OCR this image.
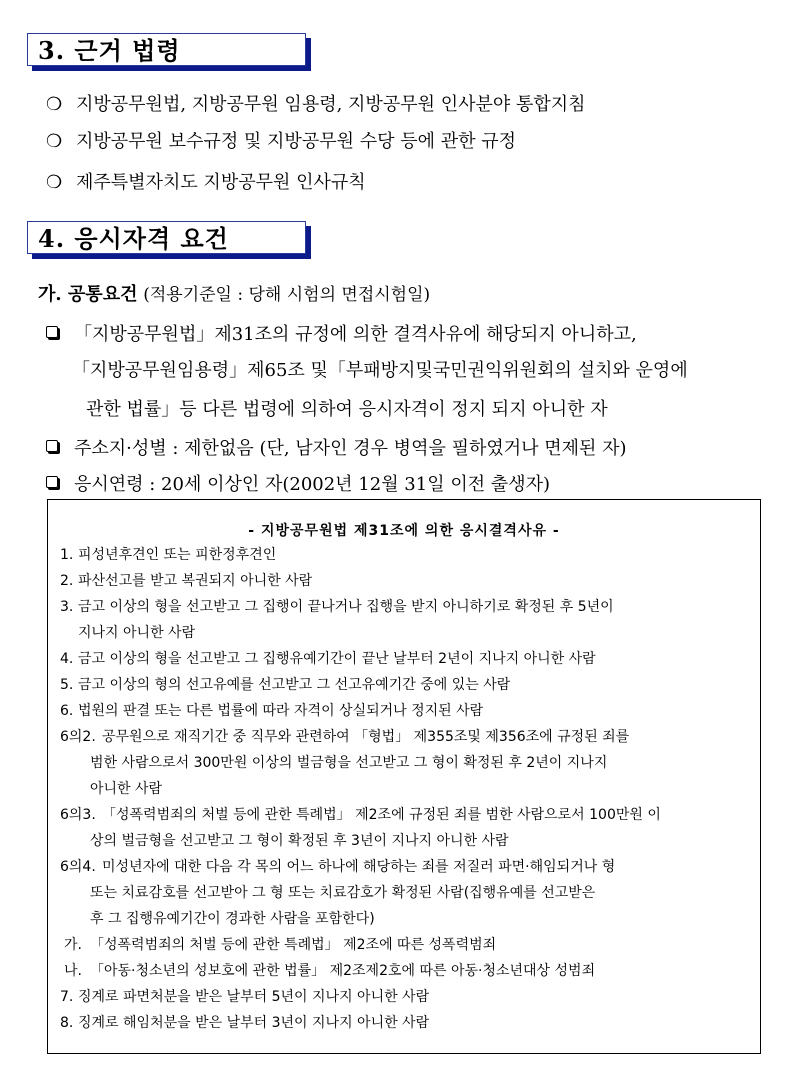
3. 근거 법령
❍ 지방공무원법, 지방공무원 임용령, 지방공무원 인사분야 통합지침
❍ 지방공무원 보수규정 및 지방공무원 수당 등에 관한 규정
❍ 제주특별자치도 지방공무원 인사규칙
4. 응시자격 요건
가. 공통요건 (적용기준일 : 당해 시험의 면접시험일)
「지방공무원법」제31조의 규정에 의한 결격사유에 해당되지 아니하고,
「지방공무원임용령」제65조 및「부패방지및국민권익위원회의 설치와 운영에
관한 법률」등 다른 법령에 의하여 응시자격이 정지 되지 아니한 자
주소지·성별 : 제한없음 (단, 남자인 경우 병역을 필하였거나 면제된 자)
응시연령 : 20세 이상인 자(2002년 12월 31일 이전 출생자)
- 지방공무원법 제31조에 의한 응시결격사유 -
1. 피성년후견인 또는 피한정후견인
2. 파산선고를 받고 복권되지 아니한 사람
3. 금고 이상의 형을 선고받고 그 집행이 끝나거나 집행을 받지 아니하기로 확정된 후 5년이
지나지 아니한 사람
4. 금고 이상의 형을 선고받고 그 집행유예기간이 끝난 날부터 2년이 지나지 아니한 사람
5. 금고 이상의 형의 선고유예를 선고받고 그 선고유예기간 중에 있는 사람
6. 법원의 판결 또는 다른 법률에 따라 자격이 상실되거나 정지된 사람
6의2. 공무원으로 재직기간 중 직무와 관련하여 「형법」 제355조및 제356조에 규정된 죄를
범한 사람으로서 300만원 이상의 벌금형을 선고받고 그 형이 확정된 후 2년이 지나지
아니한 사람
6의3. 「성폭력범죄의 처벌 등에 관한 특례법」 제2조에 규정된 죄를 범한 사람으로서 100만원 이
상의 벌금형을 선고받고 그 형이 확정된 후 3년이 지나지 아니한 사람
6의4. 미성년자에 대한 다음 각 목의 어느 하나에 해당하는 죄를 저질러 파면·해임되거나 형
또는 치료감호를 선고받아 그 형 또는 치료감호가 확정된 사람(집행유예를 선고받은
후 그 집행유예기간이 경과한 사람을 포함한다)
가. 「성폭력범죄의 처벌 등에 관한 특례법」 제2조에 따른 성폭력범죄
나. 「아동·청소년의 성보호에 관한 법률」 제2조제2호에 따른 아동·청소년대상 성범죄
7. 징계로 파면처분을 받은 날부터 5년이 지나지 아니한 사람
8. 징계로 해임처분을 받은 날부터 3년이 지나지 아니한 사람
